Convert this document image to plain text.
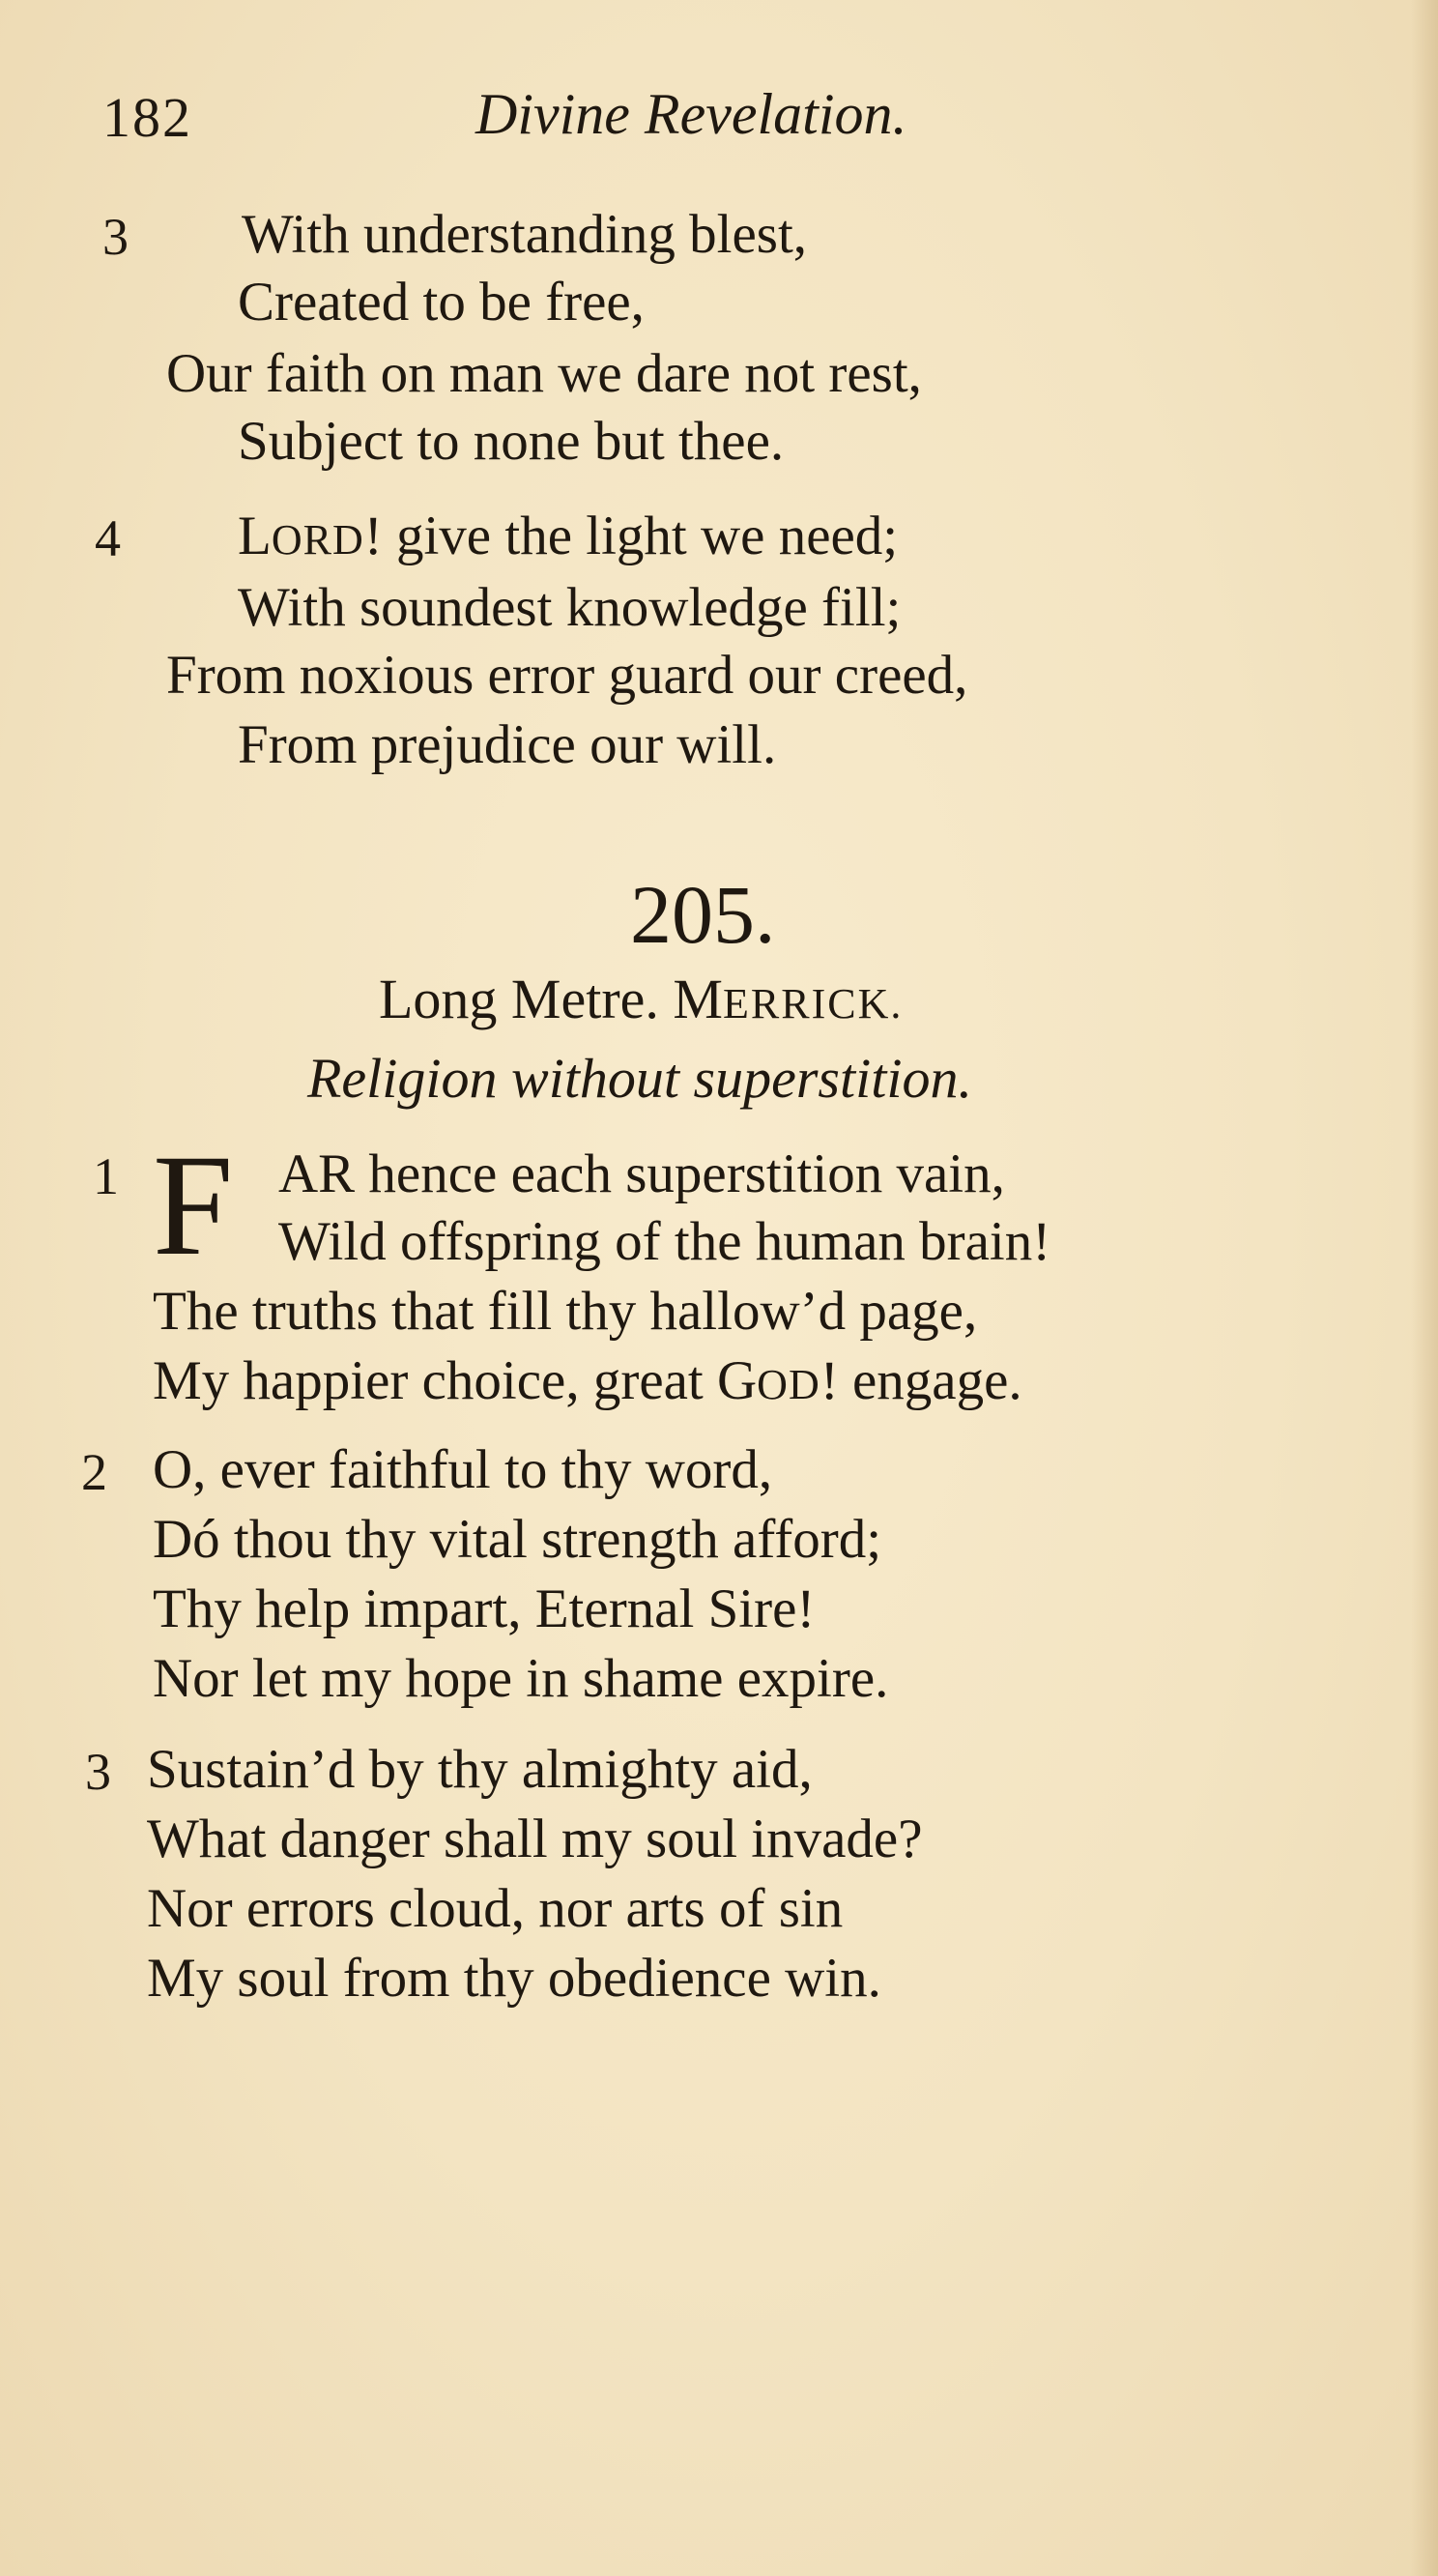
182	Divine Revelation.
3 With understanding blest,
Created to be free,
Our faith on man we dare not rest,
Subject to none but thee.
4 LORD! give the light we need;
With soundest knowledge fill;
From noxious error guard our creed,
From prejudice our will.
205.
Long Metre. MERRICK.
Religion without superstition.
1 F AR hence each superstition vain,
Wild offspring of the human brain!
The truths that fill thy hallow’d page,
My happier choice, great GOD! engage.
2 O, ever faithful to thy word,
Dó thou thy vital strength afford;
Thy help impart, Eternal Sire!
Nor let my hope in shame expire.
3 Sustain’d by thy almighty aid,
What danger shall my soul invade?
Nor errors cloud, nor arts of sin
My soul from thy obedience win.
